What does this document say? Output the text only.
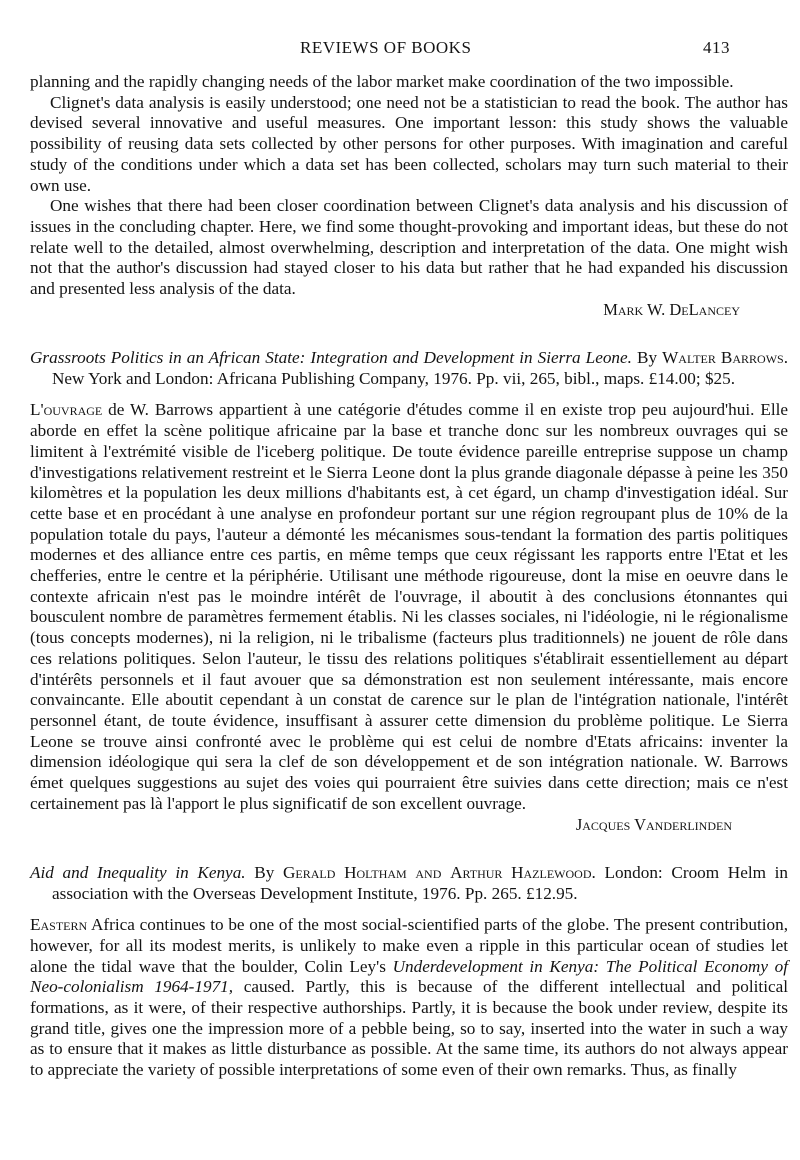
REVIEWS OF BOOKS	413

planning and the rapidly changing needs of the labor market make coordination of the two impossible.

Clignet's data analysis is easily understood; one need not be a statistician to read the book. The author has devised several innovative and useful measures. One important lesson: this study shows the valuable possibility of reusing data sets collected by other persons for other purposes. With imagination and careful study of the conditions under which a data set has been collected, scholars may turn such material to their own use.

One wishes that there had been closer coordination between Clignet's data analysis and his discussion of issues in the concluding chapter. Here, we find some thought-provoking and important ideas, but these do not relate well to the detailed, almost overwhelming, description and interpretation of the data. One might wish not that the author's discussion had stayed closer to his data but rather that he had expanded his discussion and presented less analysis of the data.

Mark W. DeLancey

Grassroots Politics in an African State: Integration and Development in Sierra Leone. By Walter Barrows. New York and London: Africana Publishing Company, 1976. Pp. vii, 265, bibl., maps. £14.00; $25.

L'ouvrage de W. Barrows appartient à une catégorie d'études comme il en existe trop peu aujourd'hui. Elle aborde en effet la scène politique africaine par la base et tranche donc sur les nombreux ouvrages qui se limitent à l'extrémité visible de l'iceberg politique. De toute évidence pareille entreprise suppose un champ d'investigations relativement restreint et le Sierra Leone dont la plus grande diagonale dépasse à peine les 350 kilomètres et la population les deux millions d'habitants est, à cet égard, un champ d'investigation idéal. Sur cette base et en procédant à une analyse en profondeur portant sur une région regroupant plus de 10% de la population totale du pays, l'auteur a démonté les mécanismes sous-tendant la formation des partis politiques modernes et des alliance entre ces partis, en même temps que ceux régissant les rapports entre l'Etat et les chefferies, entre le centre et la périphérie. Utilisant une méthode rigoureuse, dont la mise en oeuvre dans le contexte africain n'est pas le moindre intérêt de l'ouvrage, il aboutit à des conclusions étonnantes qui bousculent nombre de paramètres fermement établis. Ni les classes sociales, ni l'idéologie, ni le régionalisme (tous concepts modernes), ni la religion, ni le tribalisme (facteurs plus traditionnels) ne jouent de rôle dans ces relations politiques. Selon l'auteur, le tissu des relations politiques s'établirait essentiellement au départ d'intérêts personnels et il faut avouer que sa démonstration est non seulement intéressante, mais encore convaincante. Elle aboutit cependant à un constat de carence sur le plan de l'intégration nationale, l'intérêt personnel étant, de toute évidence, insuffisant à assurer cette dimension du problème politique. Le Sierra Leone se trouve ainsi confronté avec le problème qui est celui de nombre d'Etats africains: inventer la dimension idéologique qui sera la clef de son développement et de son intégration nationale. W. Barrows émet quelques suggestions au sujet des voies qui pourraient être suivies dans cette direction; mais ce n'est certainement pas là l'apport le plus significatif de son excellent ouvrage.

Jacques Vanderlinden

Aid and Inequality in Kenya. By Gerald Holtham and Arthur Hazlewood. London: Croom Helm in association with the Overseas Development Institute, 1976. Pp. 265. £12.95.

Eastern Africa continues to be one of the most social-scientified parts of the globe. The present contribution, however, for all its modest merits, is unlikely to make even a ripple in this particular ocean of studies let alone the tidal wave that the boulder, Colin Ley's Underdevelopment in Kenya: The Political Economy of Neo-colonialism 1964-1971, caused. Partly, this is because of the different intellectual and political formations, as it were, of their respective authorships. Partly, it is because the book under review, despite its grand title, gives one the impression more of a pebble being, so to say, inserted into the water in such a way as to ensure that it makes as little disturbance as possible. At the same time, its authors do not always appear to appreciate the variety of possible interpretations of some even of their own remarks. Thus, as finally
